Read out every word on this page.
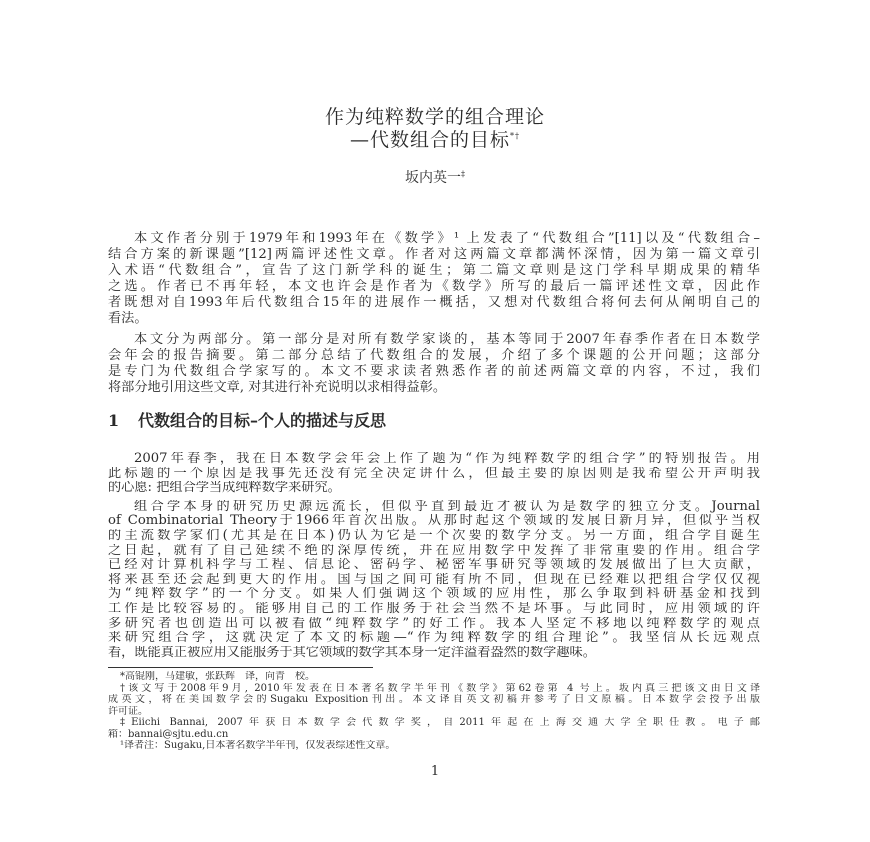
作为纯粹数学的组合理论
—代数组合的目标*†
坂内英一‡
本文作者分别于1979年和1993年在《数学》¹ 上发表了“代数组合”[11]以及“代数组合–
结合方案的新课题”[12]两篇评述性文章。作者对这两篇文章都满怀深情，因为第一篇文章引
入术语“代数组合”，宣告了这门新学科的诞生；第二篇文章则是这门学科早期成果的精华
之选。作者已不再年轻，本文也许会是作者为《数学》所写的最后一篇评述性文章，因此作
者既想对自1993年后代数组合15年的进展作一概括，又想对代数组合将何去何从阐明自己的
看法。
本文分为两部分。第一部分是对所有数学家谈的，基本等同于2007年春季作者在日本数学
会年会的报告摘要。第二部分总结了代数组合的发展，介绍了多个课题的公开问题；这部分
是专门为代数组合学家写的。本文不要求读者熟悉作者的前述两篇文章的内容，不过，我们
将部分地引用这些文章, 对其进行补充说明以求相得益彰。
1 代数组合的目标–个人的描述与反思
2007年春季，我在日本数学会年会上作了题为“作为纯粹数学的组合学”的特别报告。用
此标题的一个原因是我事先还没有完全决定讲什么，但最主要的原因则是我希望公开声明我
的心愿: 把组合学当成纯粹数学来研究。
组合学本身的研究历史源远流长，但似乎直到最近才被认为是数学的独立分支。Journal
of Combinatorial Theory于1966年首次出版。从那时起这个领域的发展日新月异，但似乎当权
的主流数学家们(尤其是在日本)仍认为它是一个次要的数学分支。另一方面，组合学自诞生
之日起，就有了自己延续不绝的深厚传统，并在应用数学中发挥了非常重要的作用。组合学
已经对计算机科学与工程、信息论、密码学、秘密军事研究等领域的发展做出了巨大贡献，
将来甚至还会起到更大的作用。国与国之间可能有所不同，但现在已经难以把组合学仅仅视
为“纯粹数学”的一个分支。如果人们强调这个领域的应用性，那么争取到科研基金和找到
工作是比较容易的。能够用自己的工作服务于社会当然不是坏事。与此同时，应用领域的许
多研究者也创造出可以被看做“纯粹数学”的好工作。我本人坚定不移地以纯粹数学的观点
来研究组合学，这就决定了本文的标题—“作为纯粹数学的组合理论”。我坚信从长远观点
看，既能真正被应用又能服务于其它领域的数学其本身一定洋溢着盎然的数学趣味。
*高锟刚，马建敏，张跃辉　译，向青　校。
†该文写于2008年9月, 2010年发表在日本著名数学半年刊《数学》第62卷第 4 号上。坂内真三把该文由日文译
成英文，将在美国数学会的Sugaku Exposition刊出。本文译自英文初稿并参考了日文原稿。日本数学会授予出版
许可证。
‡Eiichi Bannai, 2007年获日本数学会代数学奖，自2011年起在上海交通大学全职任教。电子邮
箱：bannai@sjtu.edu.cn
¹译者注：Sugaku,日本著名数学半年刊，仅发表综述性文章。
1
